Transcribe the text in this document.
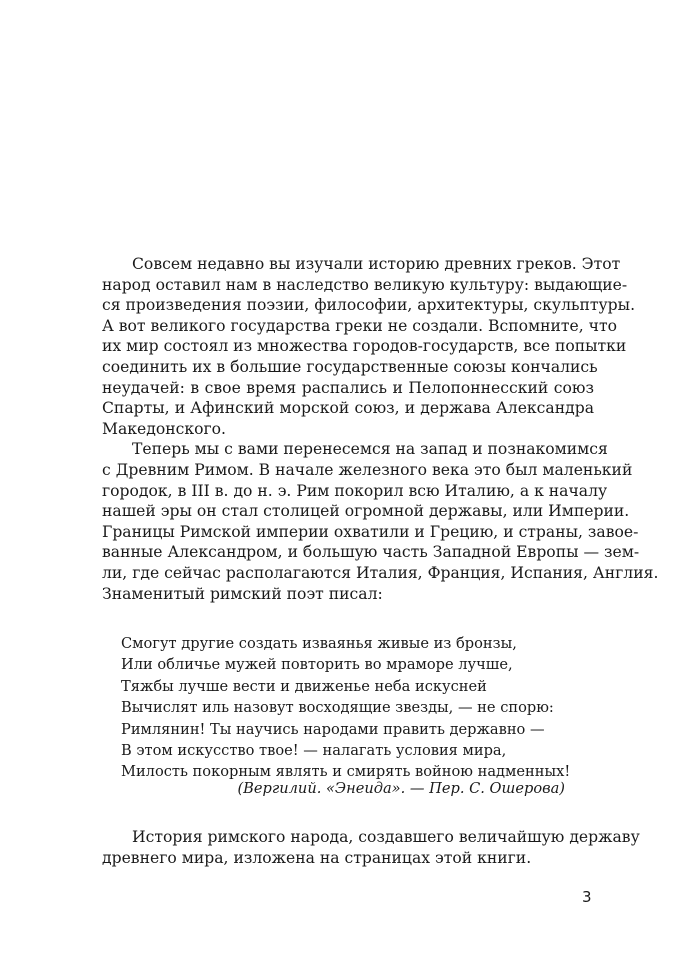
Совсем недавно вы изучали историю древних греков. Этот
народ оставил нам в наследство великую культуру: выдающие-
ся произведения поэзии, философии, архитектуры, скульптуры.
А вот великого государства греки не создали. Вспомните, что
их мир состоял из множества городов-государств, все попытки
соединить их в большие государственные союзы кончались
неудачей: в свое время распались и Пелопоннесский союз
Спарты, и Афинский морской союз, и держава Александра
Македонского.
Теперь мы с вами перенесемся на запад и познакомимся
с Древним Римом. В начале железного века это был маленький
городок, в III в. до н. э. Рим покорил всю Италию, а к началу
нашей эры он стал столицей огромной державы, или Империи.
Границы Римской империи охватили и Грецию, и страны, завое-
ванные Александром, и большую часть Западной Европы — зем-
ли, где сейчас располагаются Италия, Франция, Испания, Англия.
Знаменитый римский поэт писал:
Смогут другие создать изваянья живые из бронзы,
Или обличье мужей повторить во мраморе лучше,
Тяжбы лучше вести и движенье неба искусней
Вычислят иль назовут восходящие звезды, — не спорю:
Римлянин! Ты научись народами править державно —
В этом искусство твое! — налагать условия мира,
Милость покорным являть и смирять войною надменных!
(Вергилий. «Энеида». — Пер. С. Ошерова)
История римского народа, создавшего величайшую державу
древнего мира, изложена на страницах этой книги.
3
